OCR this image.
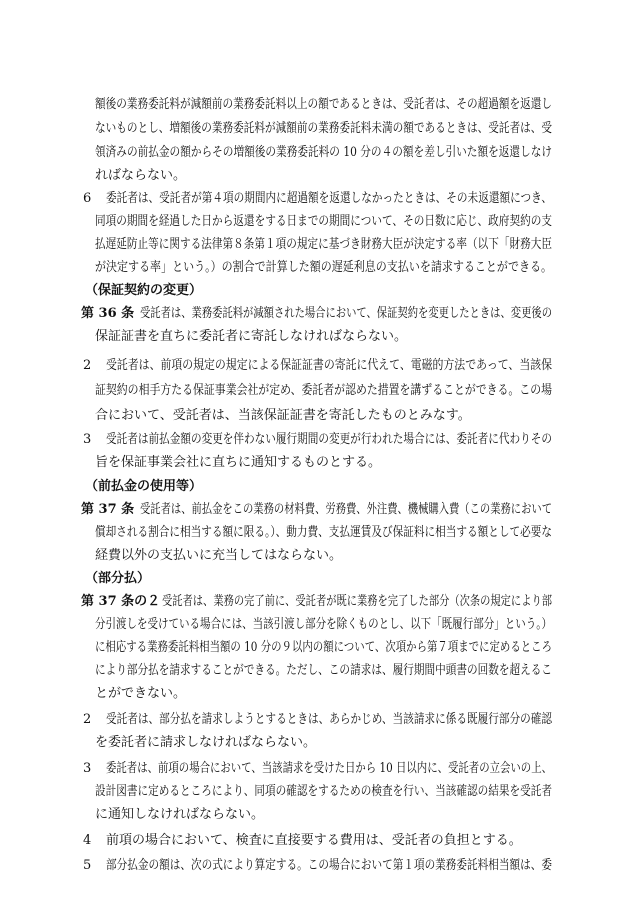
額後の業務委託料が減額前の業務委託料以上の額であるときは、受託者は、その超過額を返還し
ないものとし、増額後の業務委託料が減額前の業務委託料未満の額であるときは、受託者は、受
領済みの前払金の額からその増額後の業務委託料の 10 分の４の額を差し引いた額を返還しなけ
ればならない。
6 委託者は、受託者が第４項の期間内に超過額を返還しなかったときは、その未返還額につき、
同項の期間を経過した日から返還をする日までの期間について、その日数に応じ、政府契約の支
払遅延防止等に関する法律第８条第１項の規定に基づき財務大臣が決定する率（以下「財務大臣
が決定する率」という。）の割合で計算した額の遅延利息の支払いを請求することができる。
（保証契約の変更）
第 36 条 受託者は、業務委託料が減額された場合において、保証契約を変更したときは、変更後の
保証証書を直ちに委託者に寄託しなければならない。
2 受託者は、前項の規定の規定による保証証書の寄託に代えて、電磁的方法であって、当該保
証契約の相手方たる保証事業会社が定め、委託者が認めた措置を講ずることができる。この場
合において、受託者は、当該保証証書を寄託したものとみなす。
3 受託者は前払金額の変更を伴わない履行期間の変更が行われた場合には、委託者に代わりその
旨を保証事業会社に直ちに通知するものとする。
（前払金の使用等）
第 37 条 受託者は、前払金をこの業務の材料費、労務費、外注費、機械購入費（この業務において
償却される割合に相当する額に限る。）、動力費、支払運賃及び保証料に相当する額として必要な
経費以外の支払いに充当してはならない。
（部分払）
第 37 条の２ 受託者は、業務の完了前に、受託者が既に業務を完了した部分（次条の規定により部
分引渡しを受けている場合には、当該引渡し部分を除くものとし、以下「既履行部分」という。）
に相応する業務委託料相当額の 10 分の９以内の額について、次項から第７項までに定めるところ
により部分払を請求することができる。ただし、この請求は、履行期間中頭書の回数を超えるこ
とができない。
2 受託者は、部分払を請求しようとするときは、あらかじめ、当該請求に係る既履行部分の確認
を委託者に請求しなければならない。
3 委託者は、前項の場合において、当該請求を受けた日から 10 日以内に、受託者の立会いの上、
設計図書に定めるところにより、同項の確認をするための検査を行い、当該確認の結果を受託者
に通知しなければならない。
4 前項の場合において、検査に直接要する費用は、受託者の負担とする。
5 部分払金の額は、次の式により算定する。この場合において第１項の業務委託料相当額は、委
